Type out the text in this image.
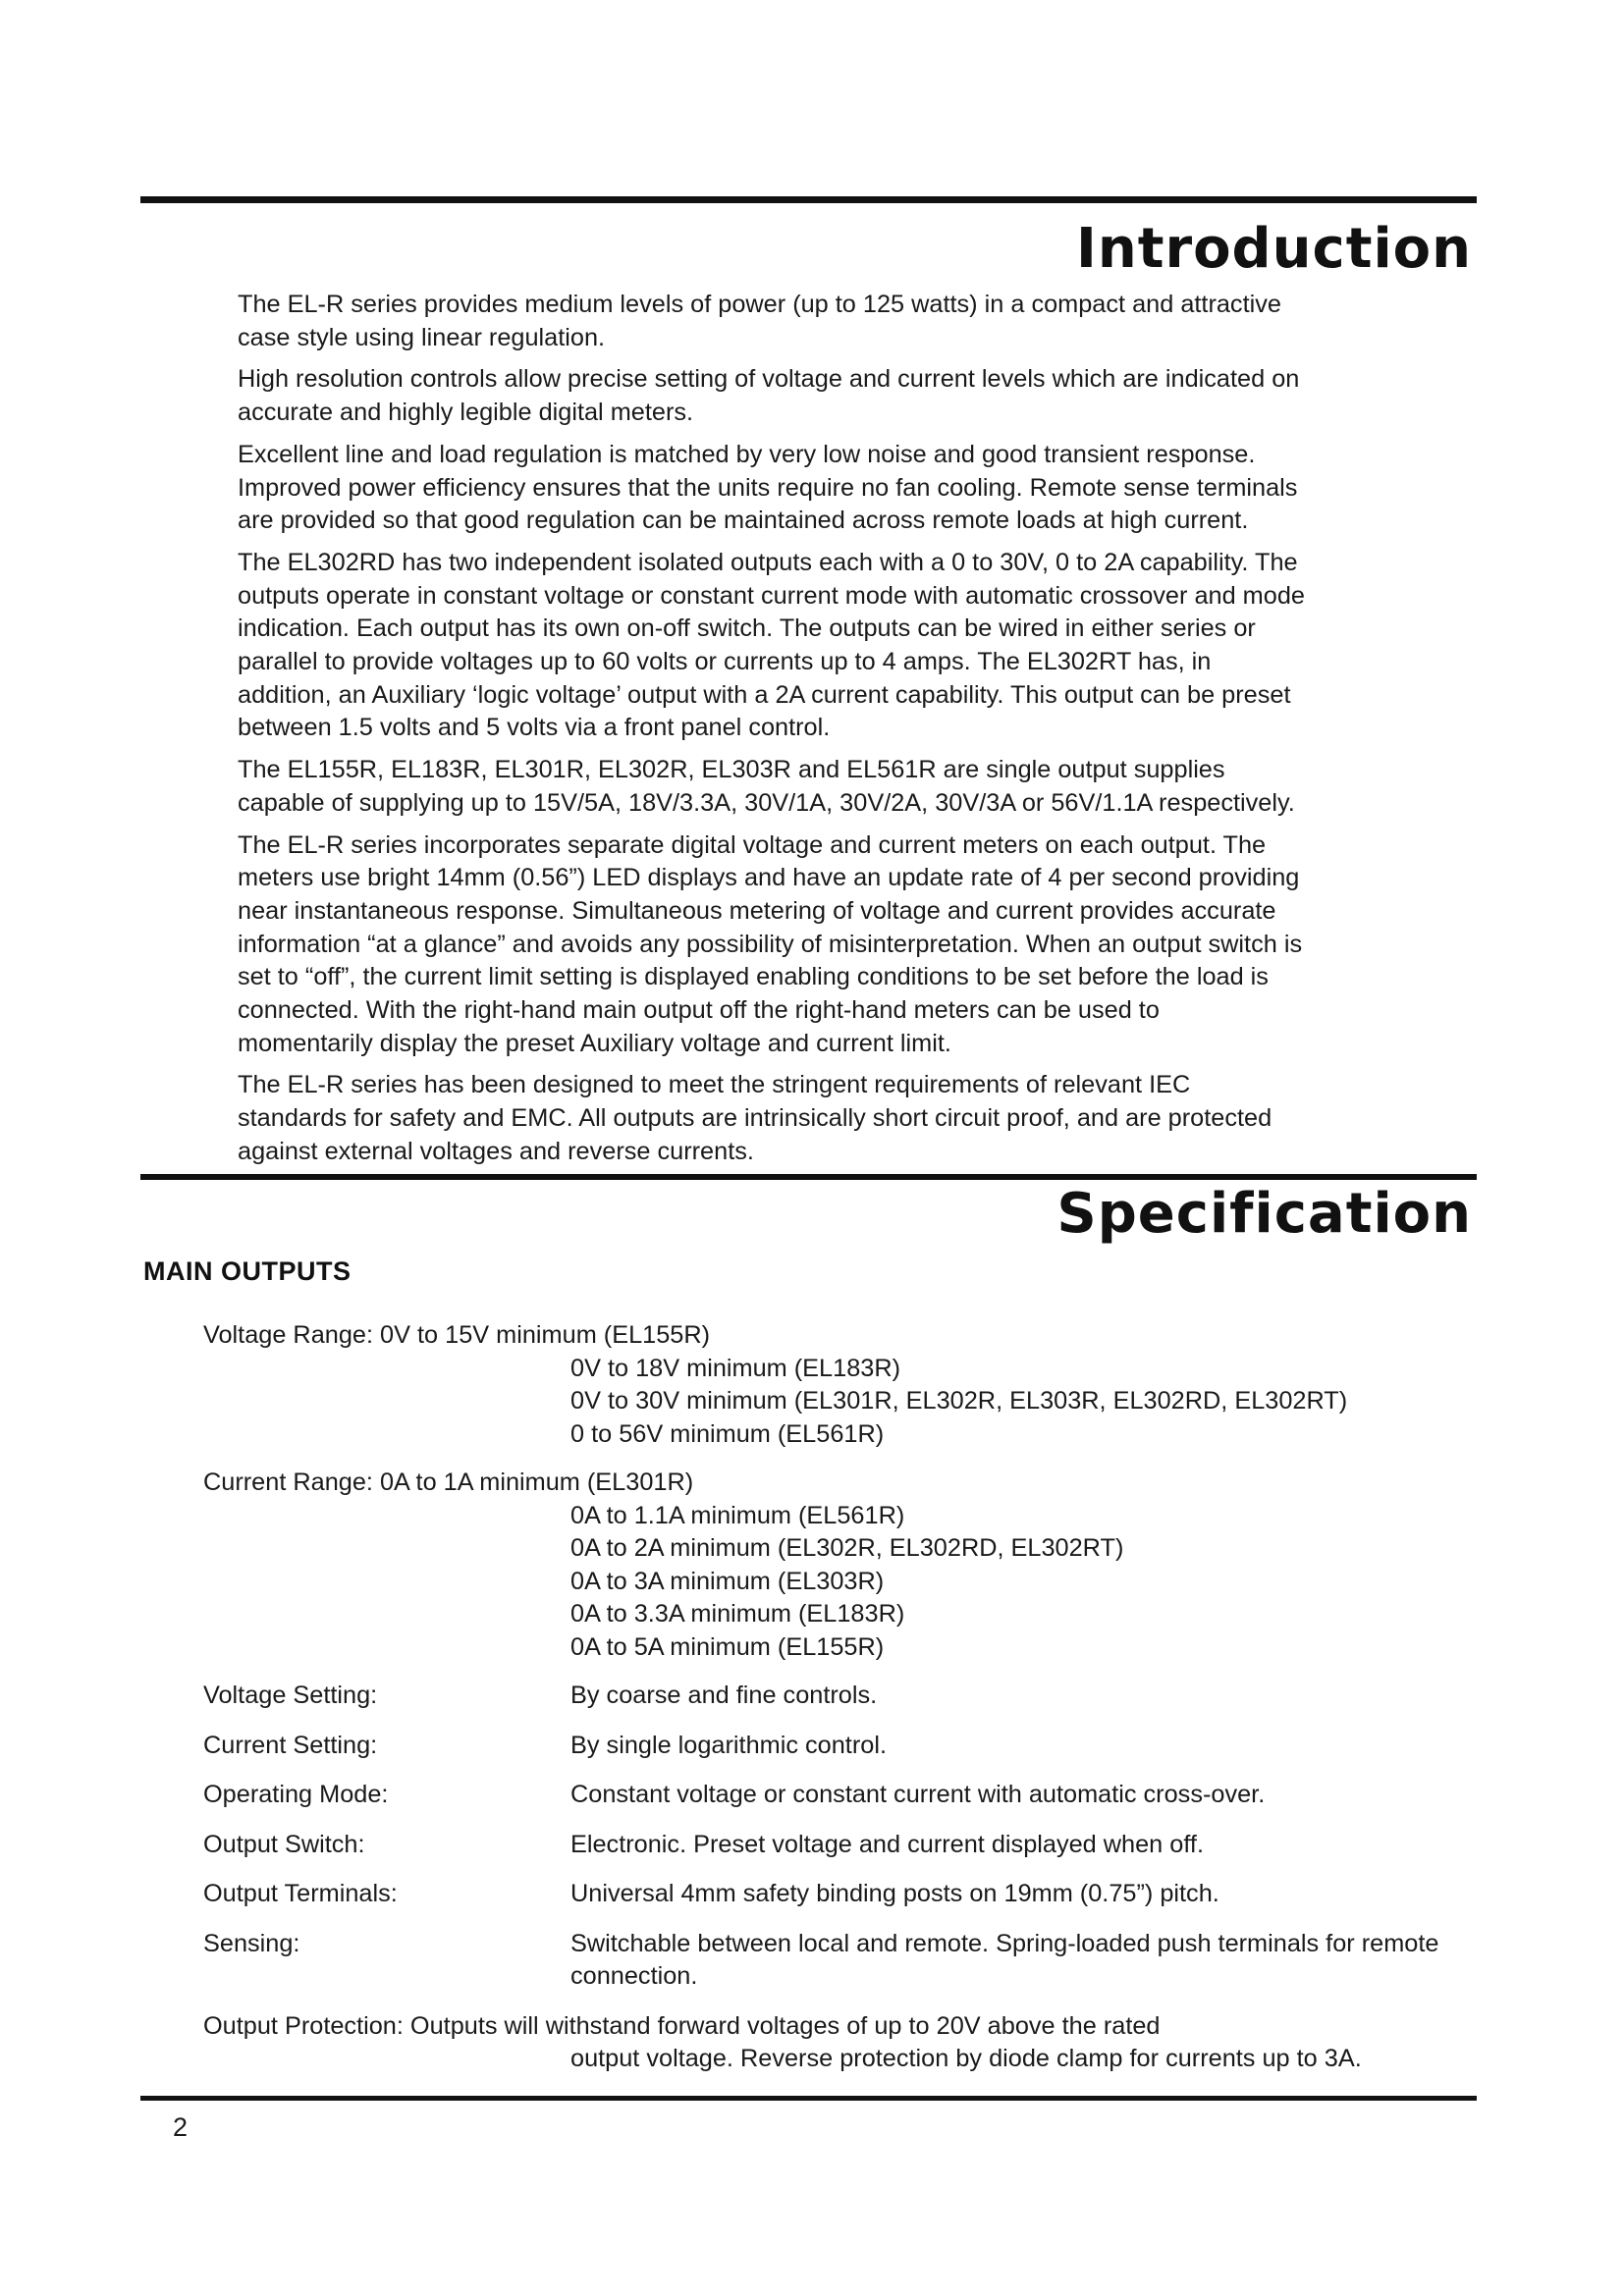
Introduction

The EL-R series provides medium levels of power (up to 125 watts) in a compact and attractive
case style using linear regulation.

High resolution controls allow precise setting of voltage and current levels which are indicated on
accurate and highly legible digital meters.

Excellent line and load regulation is matched by very low noise and good transient response.
Improved power efficiency ensures that the units require no fan cooling. Remote sense terminals
are provided so that good regulation can be maintained across remote loads at high current.

The EL302RD has two independent isolated outputs each with a 0 to 30V, 0 to 2A capability. The
outputs operate in constant voltage or constant current mode with automatic crossover and mode
indication. Each output has its own on-off switch. The outputs can be wired in either series or
parallel to provide voltages up to 60 volts or currents up to 4 amps. The EL302RT has, in
addition, an Auxiliary ‘logic voltage’ output with a 2A current capability. This output can be preset
between 1.5 volts and 5 volts via a front panel control.

The EL155R, EL183R, EL301R, EL302R, EL303R and EL561R are single output supplies
capable of supplying up to 15V/5A, 18V/3.3A, 30V/1A, 30V/2A, 30V/3A or 56V/1.1A respectively.

The EL-R series incorporates separate digital voltage and current meters on each output. The
meters use bright 14mm (0.56”) LED displays and have an update rate of 4 per second providing
near instantaneous response. Simultaneous metering of voltage and current provides accurate
information “at a glance” and avoids any possibility of misinterpretation. When an output switch is
set to “off”, the current limit setting is displayed enabling conditions to be set before the load is
connected. With the right-hand main output off the right-hand meters can be used to
momentarily display the preset Auxiliary voltage and current limit.

The EL-R series has been designed to meet the stringent requirements of relevant IEC
standards for safety and EMC. All outputs are intrinsically short circuit proof, and are protected
against external voltages and reverse currents.

Specification
MAIN OUTPUTS
Voltage Range: 0V to 15V minimum (EL155R)
0V to 18V minimum (EL183R)
0V to 30V minimum (EL301R, EL302R, EL303R, EL302RD, EL302RT)
0 to 56V minimum (EL561R)
Current Range: 0A to 1A minimum (EL301R)
0A to 1.1A minimum (EL561R)
0A to 2A minimum (EL302R, EL302RD, EL302RT)
0A to 3A minimum (EL303R)
0A to 3.3A minimum (EL183R)
0A to 5A minimum (EL155R)
Voltage Setting:	By coarse and fine controls.
Current Setting:	By single logarithmic control.
Operating Mode:	Constant voltage or constant current with automatic cross-over.
Output Switch:	Electronic. Preset voltage and current displayed when off.
Output Terminals:	Universal 4mm safety binding posts on 19mm (0.75”) pitch.
Sensing:	Switchable between local and remote. Spring-loaded push terminals for remote connection.
Output Protection: Outputs will withstand forward voltages of up to 20V above the rated
output voltage. Reverse protection by diode clamp for currents up to 3A.
2
